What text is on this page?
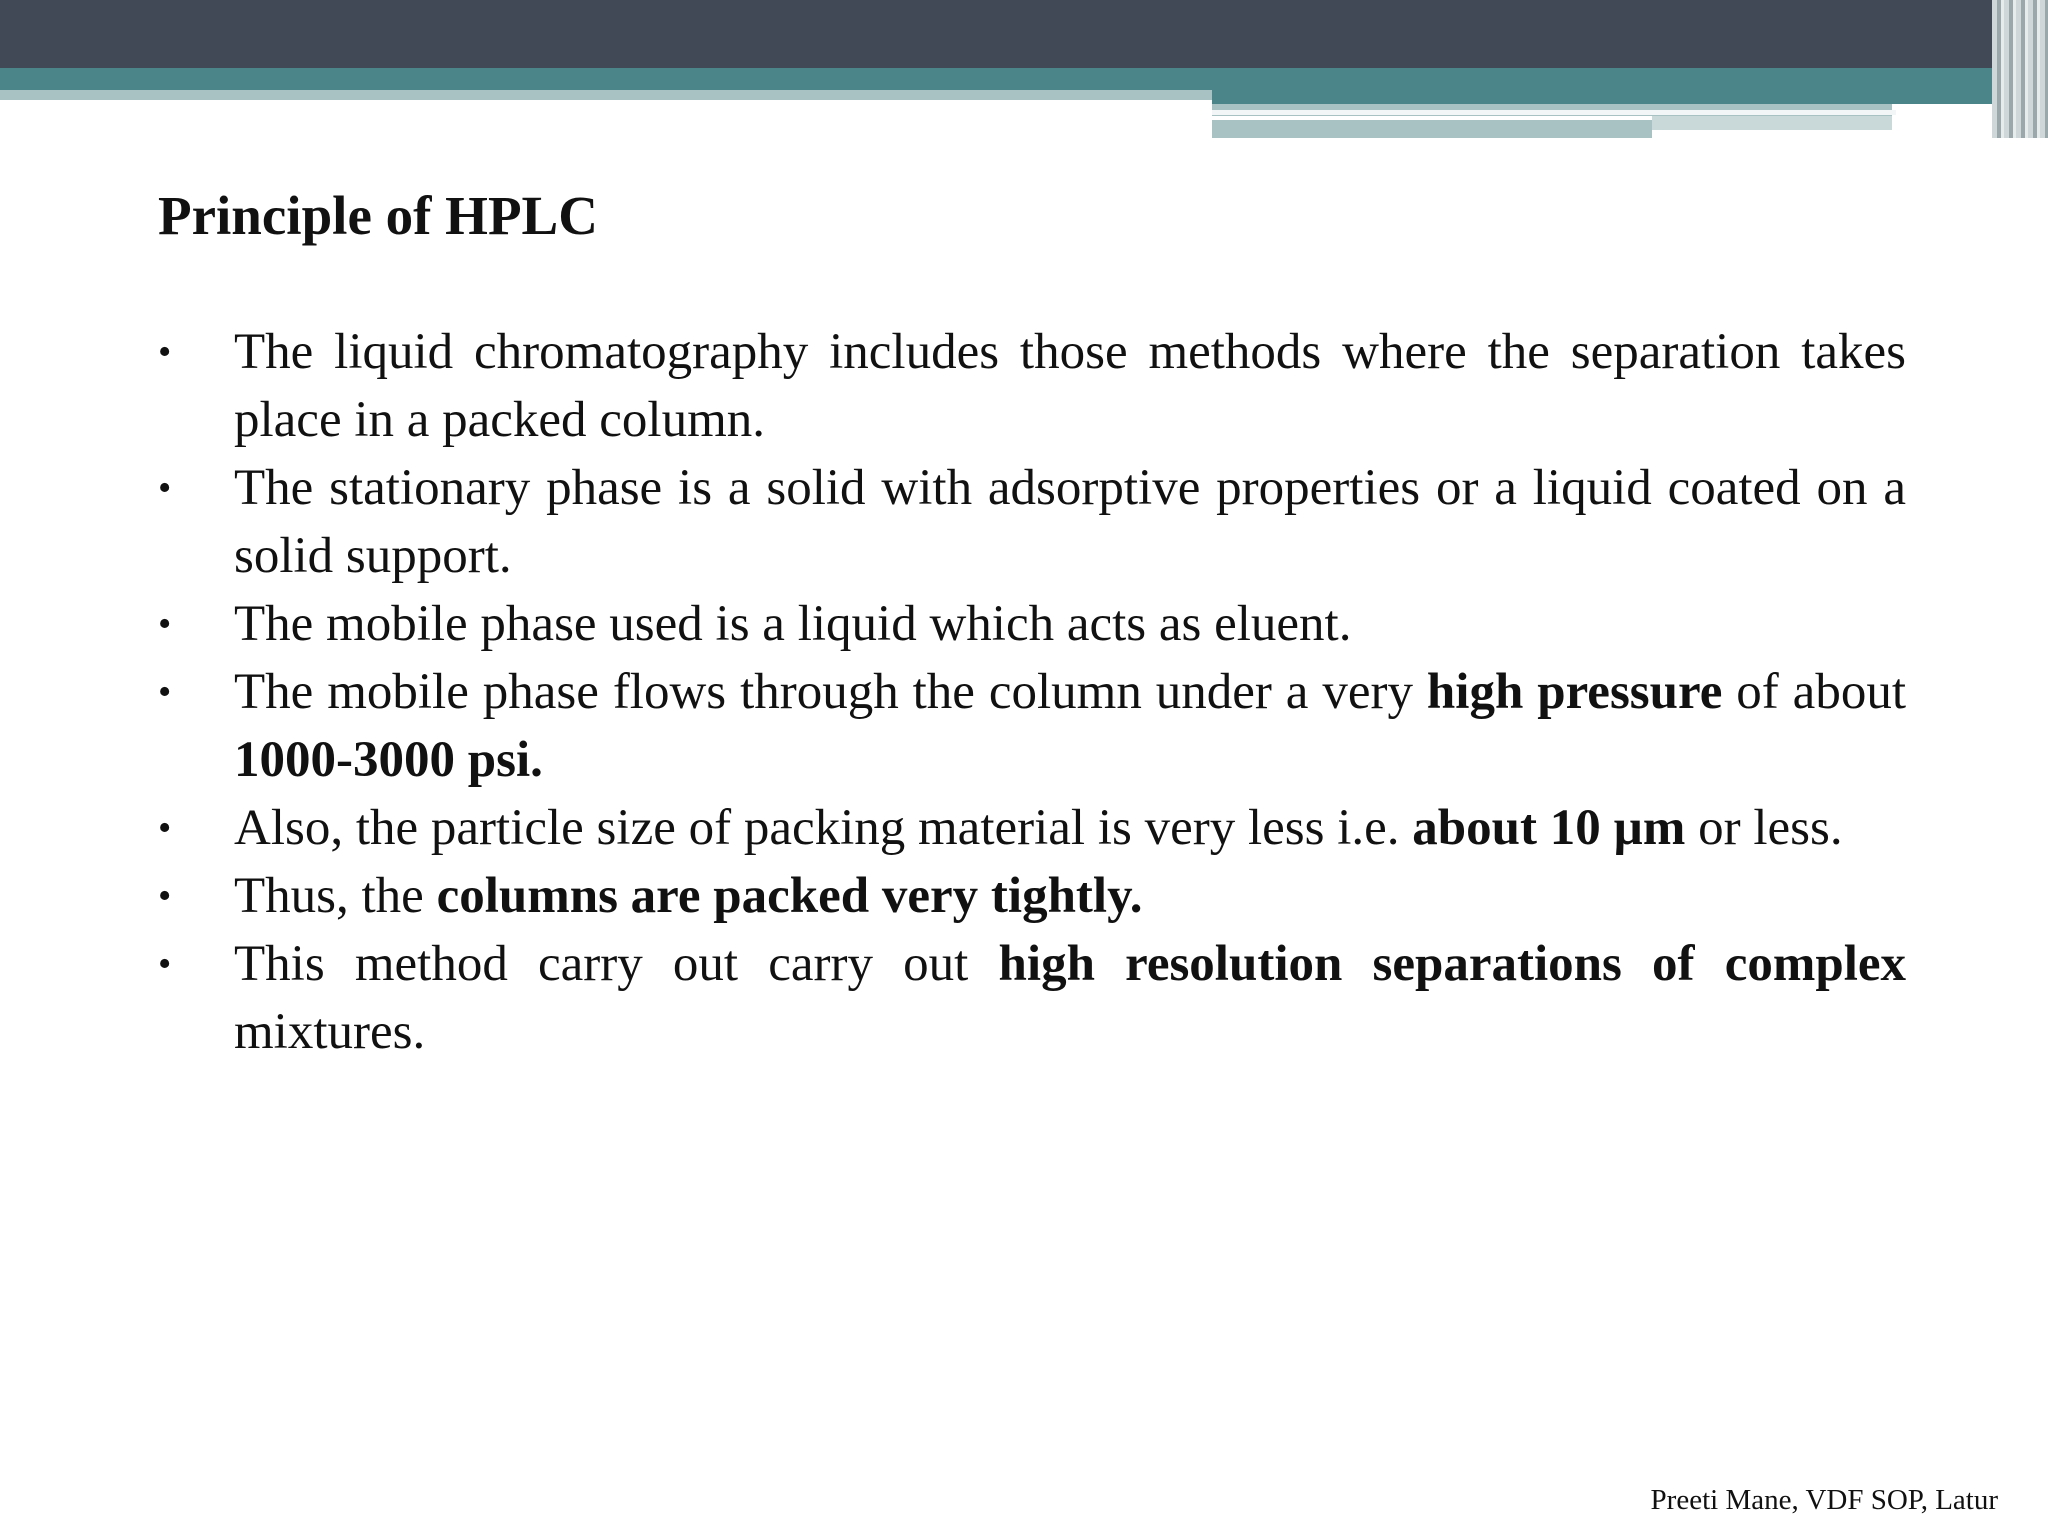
Principle of HPLC
• The liquid chromatography includes those methods where the separation takes place in a packed column.
• The stationary phase is a solid with adsorptive properties or a liquid coated on a solid support.
• The mobile phase used is a liquid which acts as eluent.
• The mobile phase flows through the column under a very high pressure of about 1000-3000 psi.
• Also, the particle size of packing material is very less i.e. about 10 µm or less.
• Thus, the columns are packed very tightly.
• This method carry out carry out high resolution separations of complex mixtures.
Preeti Mane, VDF SOP, Latur
